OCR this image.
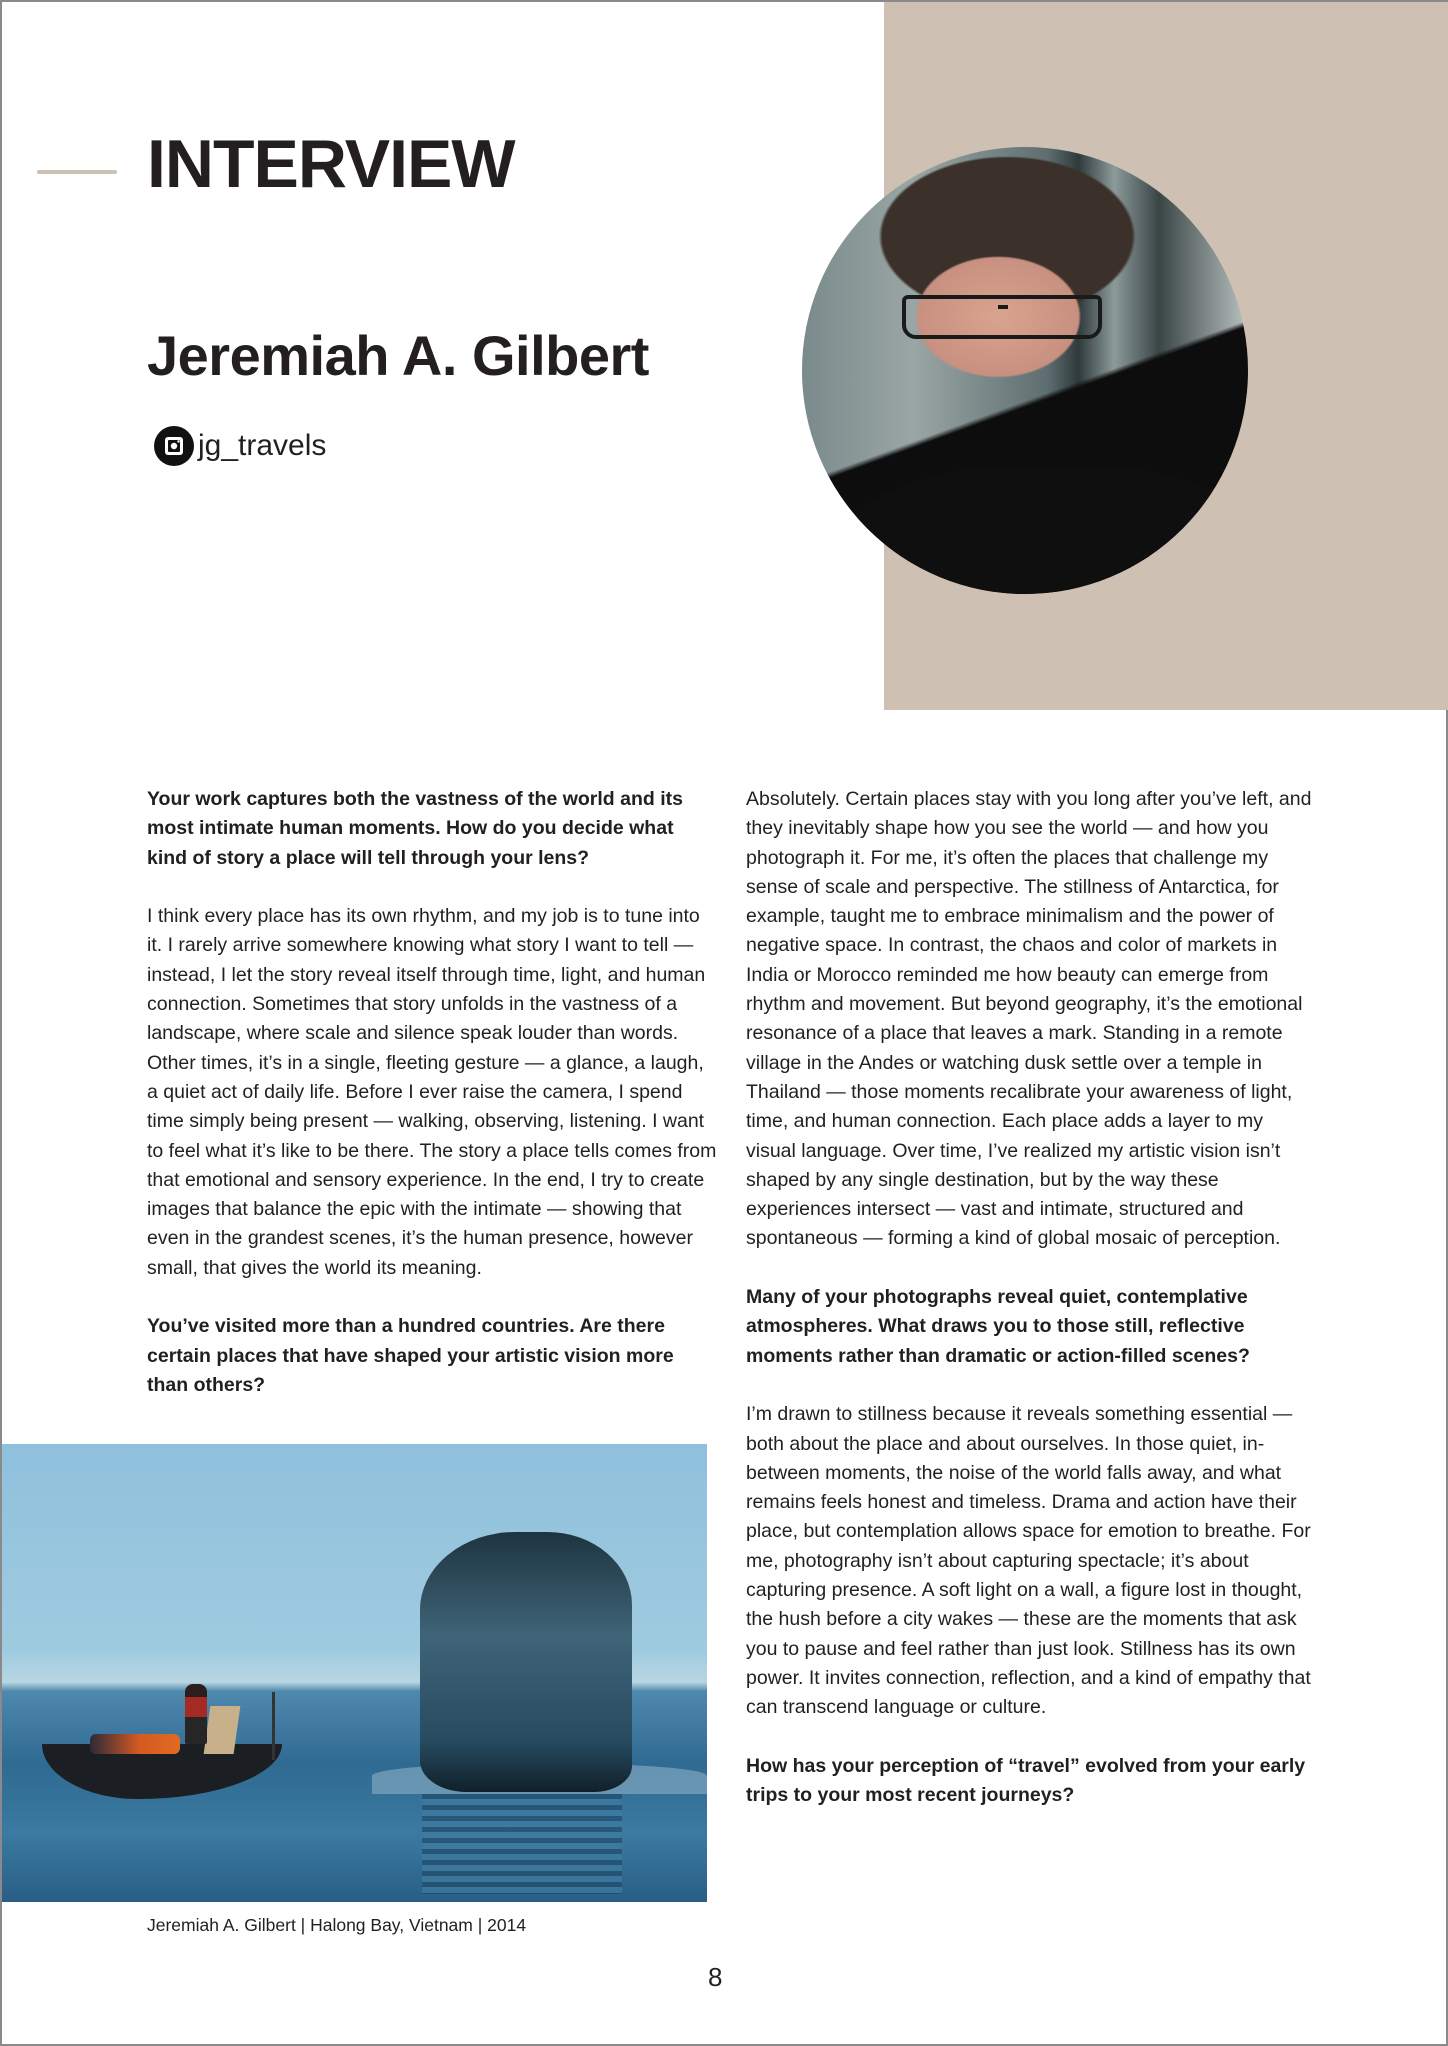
INTERVIEW
Jeremiah A. Gilbert
jg_travels

Your work captures both the vastness of the world and its most intimate human moments. How do you decide what kind of story a place will tell through your lens?

I think every place has its own rhythm, and my job is to tune into it. I rarely arrive somewhere knowing what story I want to tell — instead, I let the story reveal itself through time, light, and human connection. Sometimes that story unfolds in the vastness of a landscape, where scale and silence speak louder than words. Other times, it’s in a single, fleeting gesture — a glance, a laugh, a quiet act of daily life. Before I ever raise the camera, I spend time simply being present — walking, observing, listening. I want to feel what it’s like to be there. The story a place tells comes from that emotional and sensory experience. In the end, I try to create images that balance the epic with the intimate — showing that even in the grandest scenes, it’s the human presence, however small, that gives the world its meaning.

You’ve visited more than a hundred countries. Are there certain places that have shaped your artistic vision more than others?

Absolutely. Certain places stay with you long after you’ve left, and they inevitably shape how you see the world — and how you photograph it. For me, it’s often the places that challenge my sense of scale and perspective. The stillness of Antarctica, for example, taught me to embrace minimalism and the power of negative space. In contrast, the chaos and color of markets in India or Morocco reminded me how beauty can emerge from rhythm and movement. But beyond geography, it’s the emotional resonance of a place that leaves a mark. Standing in a remote village in the Andes or watching dusk settle over a temple in Thailand — those moments recalibrate your awareness of light, time, and human connection. Each place adds a layer to my visual language. Over time, I’ve realized my artistic vision isn’t shaped by any single destination, but by the way these experiences intersect — vast and intimate, structured and spontaneous — forming a kind of global mosaic of perception.

Many of your photographs reveal quiet, contemplative atmospheres. What draws you to those still, reflective moments rather than dramatic or action-filled scenes?

I’m drawn to stillness because it reveals something essential — both about the place and about ourselves. In those quiet, in-between moments, the noise of the world falls away, and what remains feels honest and timeless. Drama and action have their place, but contemplation allows space for emotion to breathe. For me, photography isn’t about capturing spectacle; it’s about capturing presence. A soft light on a wall, a figure lost in thought, the hush before a city wakes — these are the moments that ask you to pause and feel rather than just look. Stillness has its own power. It invites connection, reflection, and a kind of empathy that can transcend language or culture.

How has your perception of “travel” evolved from your early trips to your most recent journeys?

Jeremiah A. Gilbert | Halong Bay, Vietnam | 2014

8
